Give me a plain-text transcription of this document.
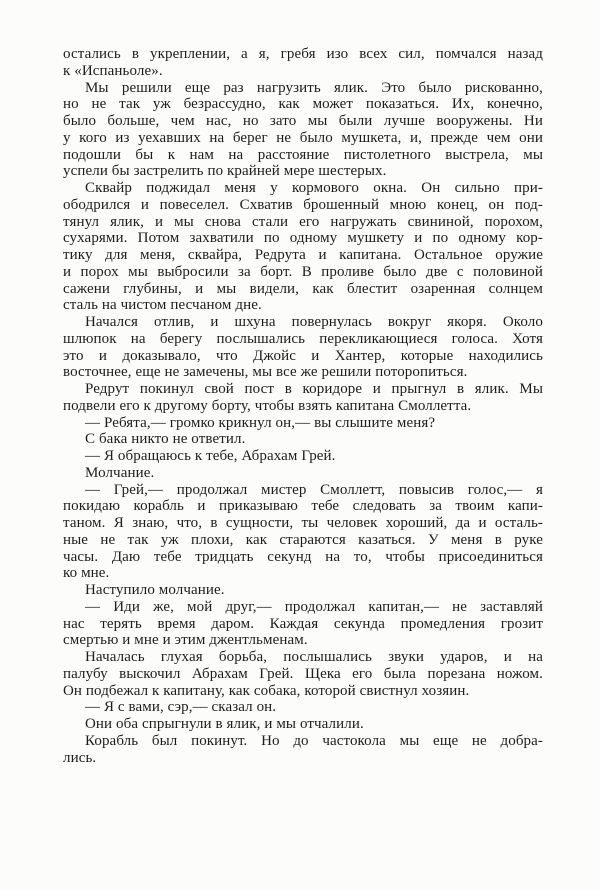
остались в укреплении, а я, гребя изо всех сил, помчался назад
к «Испаньоле».

Мы решили еще раз нагрузить ялик. Это было рискованно,
но не так уж безрассудно, как может показаться. Их, конечно,
было больше, чем нас, но зато мы были лучше вооружены. Ни
у кого из уехавших на берег не было мушкета, и, прежде чем они
подошли бы к нам на расстояние пистолетного выстрела, мы
успели бы застрелить по крайней мере шестерых.

Сквайр поджидал меня у кормового окна. Он сильно при-
ободрился и повеселел. Схватив брошенный мною конец, он под-
тянул ялик, и мы снова стали его нагружать свининой, порохом,
сухарями. Потом захватили по одному мушкету и по одному кор-
тику для меня, сквайра, Редрута и капитана. Остальное оружие
и порох мы выбросили за борт. В проливе было две с половиной
сажени глубины, и мы видели, как блестит озаренная солнцем
сталь на чистом песчаном дне.

Начался отлив, и шхуна повернулась вокруг якоря. Около
шлюпок на берегу послышались перекликающиеся голоса. Хотя
это и доказывало, что Джойс и Хантер, которые находились
восточнее, еще не замечены, мы все же решили поторопиться.

Редрут покинул свой пост в коридоре и прыгнул в ялик. Мы
подвели его к другому борту, чтобы взять капитана Смоллетта.

— Ребята,— громко крикнул он,— вы слышите меня?

С бака никто не ответил.

— Я обращаюсь к тебе, Абрахам Грей.

Молчание.

— Грей,— продолжал мистер Смоллетт, повысив голос,— я
покидаю корабль и приказываю тебе следовать за твоим капи-
таном. Я знаю, что, в сущности, ты человек хороший, да и осталь-
ные не так уж плохи, как стараются казаться. У меня в руке
часы. Даю тебе тридцать секунд на то, чтобы присоединиться
ко мне.

Наступило молчание.

— Иди же, мой друг,— продолжал капитан,— не заставляй
нас терять время даром. Каждая секунда промедления грозит
смертью и мне и этим джентльменам.

Началась глухая борьба, послышались звуки ударов, и на
палубу выскочил Абрахам Грей. Щека его была порезана ножом.
Он подбежал к капитану, как собака, которой свистнул хозяин.

— Я с вами, сэр,— сказал он.

Они оба спрыгнули в ялик, и мы отчалили.

Корабль был покинут. Но до частокола мы еще не добра-
лись.
